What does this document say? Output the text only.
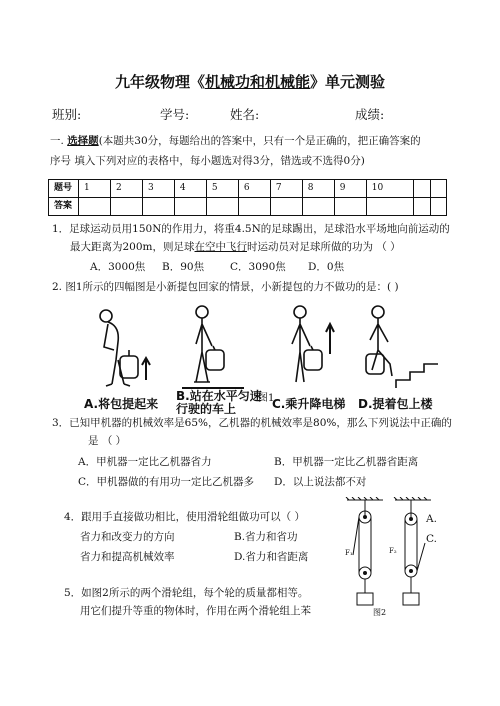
九年级物理《机械功和机械能》单元测验
班别:	学号:	姓名:	成绩:
一. 选择题(本题共30分，每题给出的答案中，只有一个是正确的，把正确答案的
序号 填入下列对应的表格中，每小题选对得3分，错选或不选得0分)
题号	1	2	3	4	5	6	7	8	9	10		
答案												
1．足球运动员用150N的作用力，将重4.5N的足球踢出，足球沿水平场地向前运动的
最大距离为200m，则足球在空中飞行时运动员对足球所做的功为 （ ）
A．3000焦 B．90焦 C．3090焦 D．0焦
2. 图1所示的四幅图是小新提包回家的情景，小新提包的力不做功的是：( )
A.将包提起来
B.站在水平匀速
行驶的车上	C.乘升降电梯 D.提着包上楼
图1
3．已知甲机器的机械效率是65%，乙机器的机械效率是80%，那么下列说法中正确的
是 （ ）
A．甲机器一定比乙机器省力	B．甲机器一定比乙机器省距离
C．甲机器做的有用功一定比乙机器多 D．以上说法都不对
4．跟用手直接做功相比，使用滑轮组做功可以（ ）
省力和改变力的方向	B.省力和省功
省力和提高机械效率	D.省力和省距离
A.
C.
5．如图2所示的两个滑轮组，每个轮的质量都相等。
用它们提升等重的物体时，作用在两个滑轮组上苯
F₁	F₂
图2
